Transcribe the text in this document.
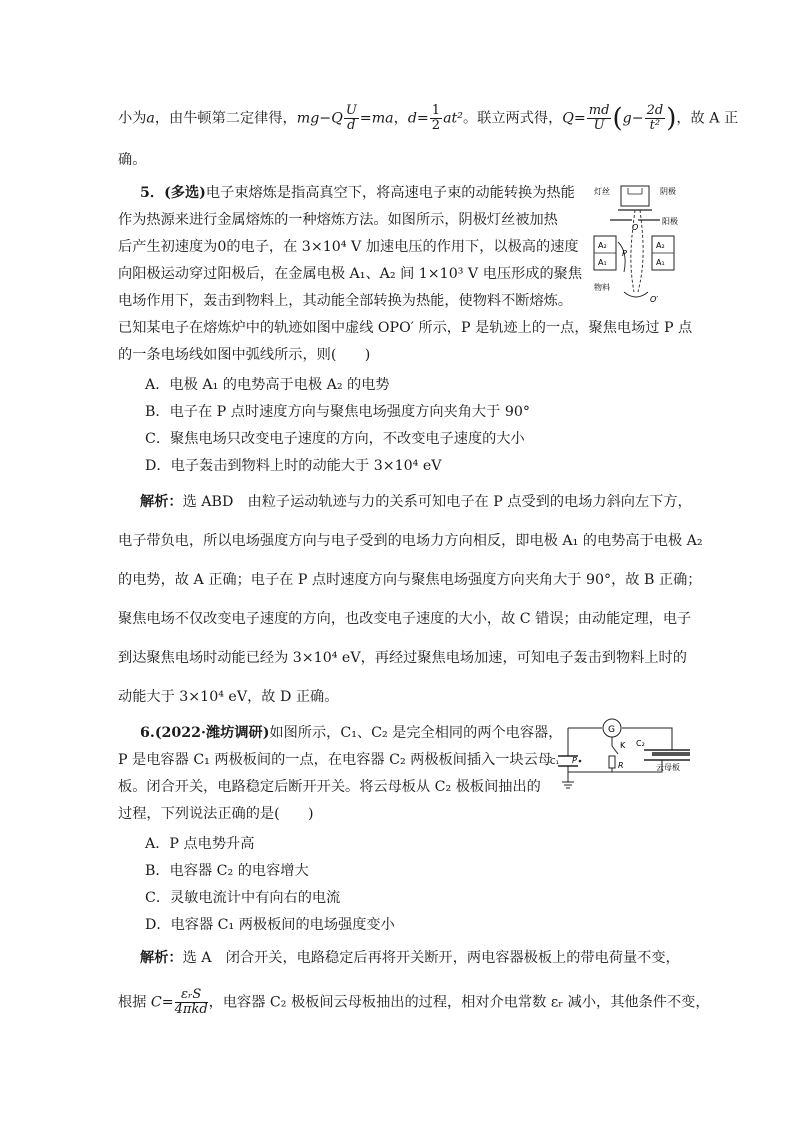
小为a，由牛顿第二定律得，$mg-Q \frac{U}{d} =ma$，$d= \frac{1}{2} at^2$。联立两式得，$Q= \frac{md}{U} (g- \frac{2d}{\text{t²}}$ )，故 A 正
确。
5．(多选)电子束熔炼是指高真空下，将高速电子束的动能转换为热能
作为热源来进行金属熔炼的一种熔炼方法。如图所示，阴极灯丝被加热
后产生初速度为0的电子，在 3×10⁴ V 加速电压的作用下，以极高的速度
向阳极运动穿过阳极后，在金属电极 A₁、A₂ 间 1×10³ V 电压形成的聚焦
电场作用下，轰击到物料上，其动能全部转换为热能，使物料不断熔炼。
已知某电子在熔炼炉中的轨迹如图中虚线 OPO′ 所示，P 是轨迹上的一点，聚焦电场过 P 点
的一条电场线如图中弧线所示，则(　　)
A．电极 A₁ 的电势高于电极 A₂ 的电势
B．电子在 P 点时速度方向与聚焦电场强度方向夹角大于 90°
C．聚焦电场只改变电子速度的方向，不改变电子速度的大小
D．电子轰击到物料上时的动能大于 3×10⁴ eV
解析：选 ABD　由粒子运动轨迹与力的关系可知电子在 P 点受到的电场力斜向左下方，
电子带负电，所以电场强度方向与电子受到的电场力方向相反，即电极 A₁ 的电势高于电极 A₂
的电势，故 A 正确；电子在 P 点时速度方向与聚焦电场强度方向夹角大于 90°，故 B 正确；
聚焦电场不仅改变电子速度的方向，也改变电子速度的大小，故 C 错误；由动能定理，电子
到达聚焦电场时动能已经为 3×10⁴ eV，再经过聚焦电场加速，可知电子轰击到物料上时的
动能大于 3×10⁴ eV，故 D 正确。
灯丝	阴极
阳极
O
P
A₂
A₁
A₂
A₁
物料
O′
6.(2022·潍坊调研)如图所示，C₁、C₂ 是完全相同的两个电容器，
P 是电容器 C₁ 两极板间的一点，在电容器 C₂ 两极板间插入一块云母
板。闭合开关，电路稳定后断开开关。将云母板从 C₂ 极板间抽出的
过程，下列说法正确的是(　　)
A．P 点电势升高
B．电容器 C₂ 的电容增大
C．灵敏电流计中有向右的电流
D．电容器 C₁ 两极板间的电场强度变小
解析：选 A　闭合开关，电路稳定后再将开关断开，两电容器极板上的带电荷量不变，
根据 $C= \frac{\text{εᵣS}}{\text{4πkd}}$ ，电容器 C₂ 极板间云母板抽出的过程，相对介电常数 εᵣ 减小，其他条件不变，
G
C₁ P
K
R
C₂
云母板
